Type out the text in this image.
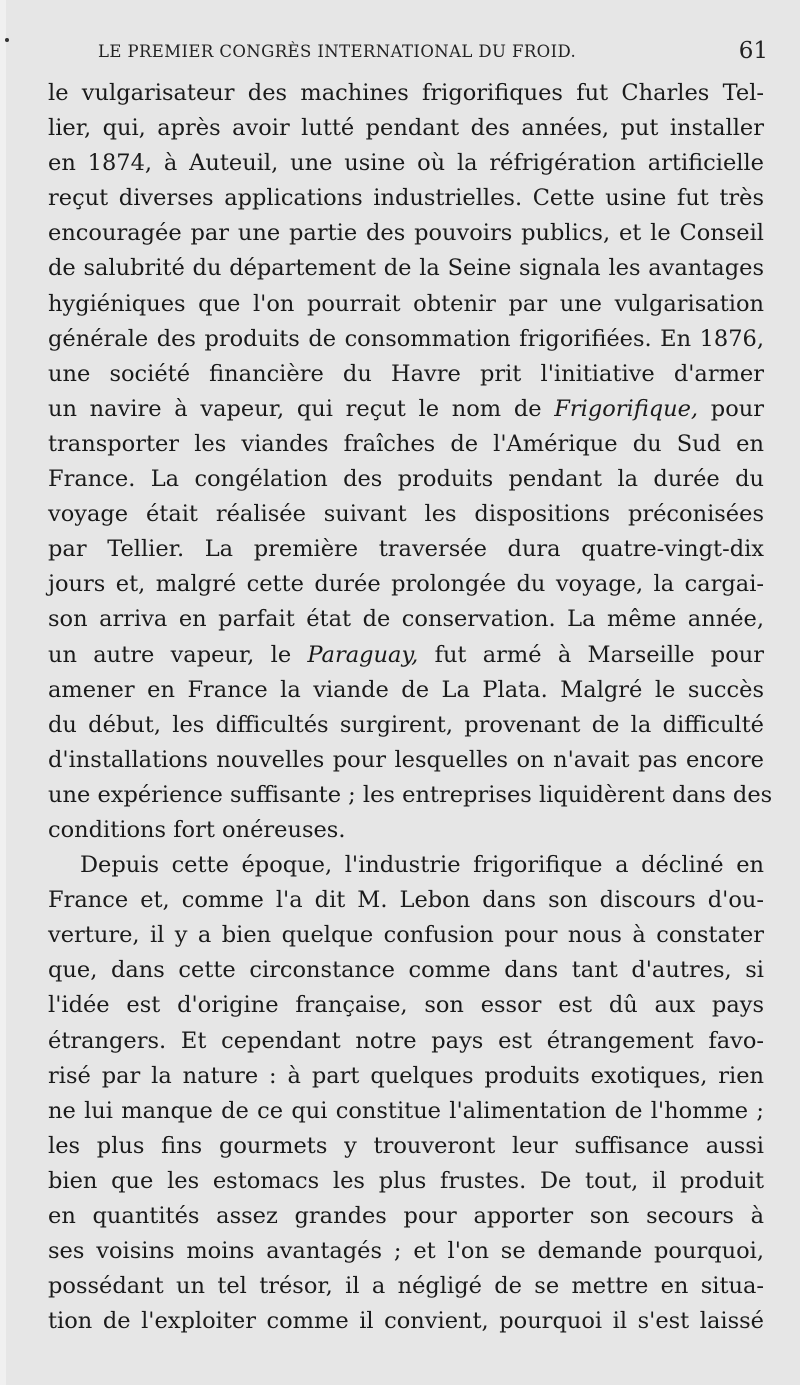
LE PREMIER CONGRÈS INTERNATIONAL DU FROID.	61
le vulgarisateur des machines frigorifiques fut Charles Tel-
lier, qui, après avoir lutté pendant des années, put installer
en 1874, à Auteuil, une usine où la réfrigération artificielle
reçut diverses applications industrielles. Cette usine fut très
encouragée par une partie des pouvoirs publics, et le Conseil
de salubrité du département de la Seine signala les avantages
hygiéniques que l'on pourrait obtenir par une vulgarisation
générale des produits de consommation frigorifiées. En 1876,
une société financière du Havre prit l'initiative d'armer
un navire à vapeur, qui reçut le nom de Frigorifique, pour
transporter les viandes fraîches de l'Amérique du Sud en
France. La congélation des produits pendant la durée du
voyage était réalisée suivant les dispositions préconisées
par Tellier. La première traversée dura quatre-vingt-dix
jours et, malgré cette durée prolongée du voyage, la cargai-
son arriva en parfait état de conservation. La même année,
un autre vapeur, le Paraguay, fut armé à Marseille pour
amener en France la viande de La Plata. Malgré le succès
du début, les difficultés surgirent, provenant de la difficulté
d'installations nouvelles pour lesquelles on n'avait pas encore
une expérience suffisante ; les entreprises liquidèrent dans des
conditions fort onéreuses.
Depuis cette époque, l'industrie frigorifique a décliné en
France et, comme l'a dit M. Lebon dans son discours d'ou-
verture, il y a bien quelque confusion pour nous à constater
que, dans cette circonstance comme dans tant d'autres, si
l'idée est d'origine française, son essor est dû aux pays
étrangers. Et cependant notre pays est étrangement favo-
risé par la nature : à part quelques produits exotiques, rien
ne lui manque de ce qui constitue l'alimentation de l'homme ;
les plus fins gourmets y trouveront leur suffisance aussi
bien que les estomacs les plus frustes. De tout, il produit
en quantités assez grandes pour apporter son secours à
ses voisins moins avantagés ; et l'on se demande pourquoi,
possédant un tel trésor, il a négligé de se mettre en situa-
tion de l'exploiter comme il convient, pourquoi il s'est laissé
